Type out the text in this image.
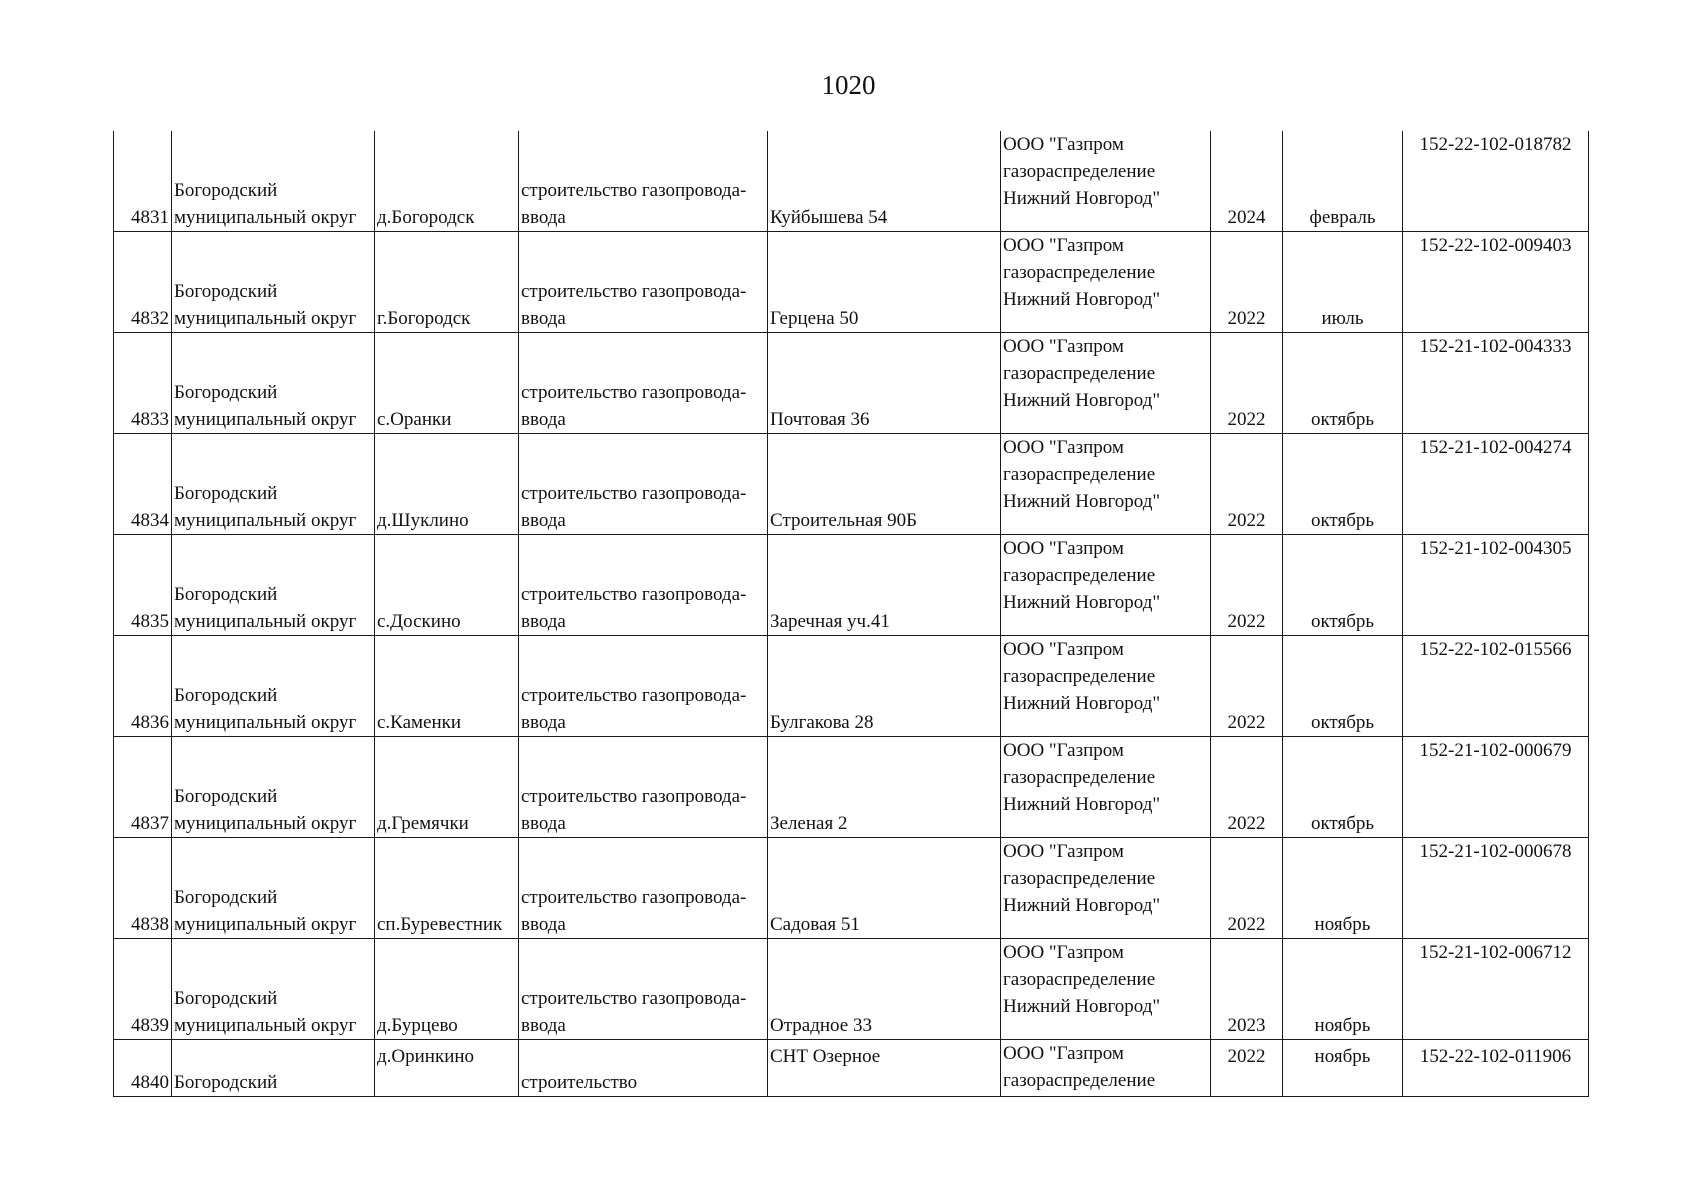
1020
4831	Богородский
муниципальный округ	д.Богородск	строительство газопровода-
ввода	Куйбышева 54	ООО "Газпром
газораспределение
Нижний Новгород"	2024	февраль	152-22-102-018782
4832	Богородский
муниципальный округ	г.Богородск	строительство газопровода-
ввода	Герцена 50	ООО "Газпром
газораспределение
Нижний Новгород"	2022	июль	152-22-102-009403
4833	Богородский
муниципальный округ	с.Оранки	строительство газопровода-
ввода	Почтовая 36	ООО "Газпром
газораспределение
Нижний Новгород"	2022	октябрь	152-21-102-004333
4834	Богородский
муниципальный округ	д.Шуклино	строительство газопровода-
ввода	Строительная 90Б	ООО "Газпром
газораспределение
Нижний Новгород"	2022	октябрь	152-21-102-004274
4835	Богородский
муниципальный округ	с.Доскино	строительство газопровода-
ввода	Заречная уч.41	ООО "Газпром
газораспределение
Нижний Новгород"	2022	октябрь	152-21-102-004305
4836	Богородский
муниципальный округ	с.Каменки	строительство газопровода-
ввода	Булгакова 28	ООО "Газпром
газораспределение
Нижний Новгород"	2022	октябрь	152-22-102-015566
4837	Богородский
муниципальный округ	д.Гремячки	строительство газопровода-
ввода	Зеленая 2	ООО "Газпром
газораспределение
Нижний Новгород"	2022	октябрь	152-21-102-000679
4838	Богородский
муниципальный округ	сп.Буревестник	строительство газопровода-
ввода	Садовая 51	ООО "Газпром
газораспределение
Нижний Новгород"	2022	ноябрь	152-21-102-000678
4839	Богородский
муниципальный округ	д.Бурцево	строительство газопровода-
ввода	Отрадное 33	ООО "Газпром
газораспределение
Нижний Новгород"	2023	ноябрь	152-21-102-006712
4840	Богородский	д.Оринкино	строительство	СНТ Озерное	ООО "Газпром
газораспределение	2022	ноябрь	152-22-102-011906
